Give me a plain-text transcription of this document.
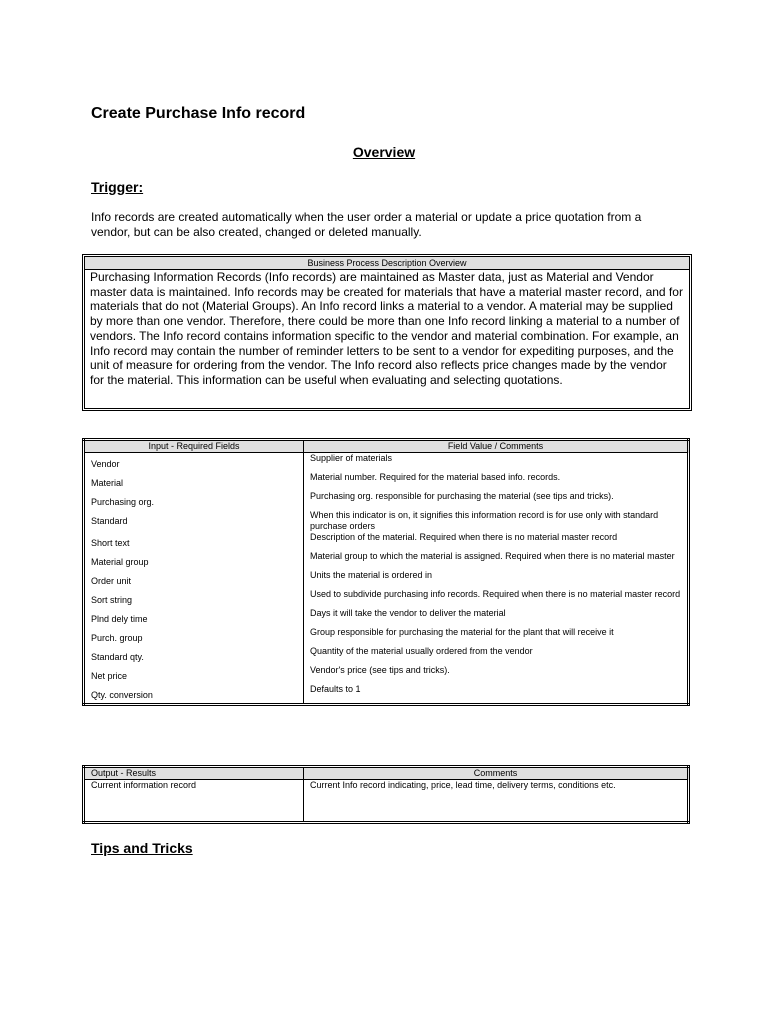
Create Purchase Info record
Overview
Trigger:
Info records are created automatically when the user order a material or update a price quotation from a vendor, but can be also created, changed or deleted manually.
Business Process Description Overview
Purchasing Information Records (Info records) are maintained as Master data, just as Material and Vendor master data is maintained. Info records may be created for materials that have a material master record, and for materials that do not (Material Groups). An Info record links a material to a vendor. A material may be supplied by more than one vendor. Therefore, there could be more than one Info record linking a material to a number of vendors. The Info record contains information specific to the vendor and material combination. For example, an Info record may contain the number of reminder letters to be sent to a vendor for expediting purposes, and the unit of measure for ordering from the vendor. The Info record also reflects price changes made by the vendor for the material. This information can be useful when evaluating and selecting quotations.
Input - Required Fields	Field Value / Comments
Vendor	Supplier of materials
Material	Material number. Required for the material based info. records.
Purchasing org.	Purchasing org. responsible for purchasing the material (see tips and tricks).
Standard	When this indicator is on, it signifies this information record is for use only with standard purchase orders
Short text	Description of the material. Required when there is no material master record
Material group	Material group to which the material is assigned. Required when there is no material master
Order unit	Units the material is ordered in
Sort string	Used to subdivide purchasing info records. Required when there is no material master record
Plnd dely time	Days it will take the vendor to deliver the material
Purch. group	Group responsible for purchasing the material for the plant that will receive it
Standard qty.	Quantity of the material usually ordered from the vendor
Net price	Vendor's price (see tips and tricks).
Qty. conversion	Defaults to 1
Output - Results	Comments
Current information record	Current Info record indicating, price, lead time, delivery terms, conditions etc.
Tips and Tricks
